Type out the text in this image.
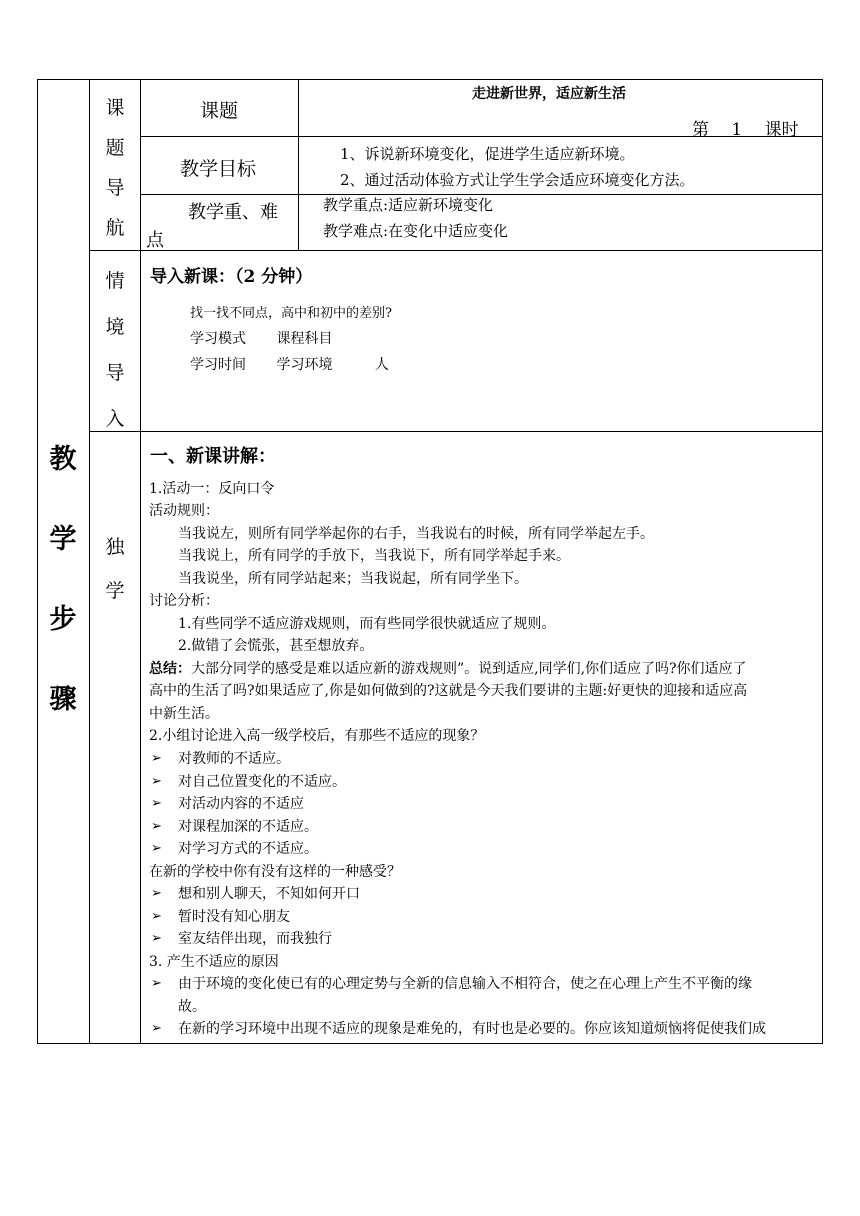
教
学
步
骤
课
题
导
航
情
境
导
入
独
学
课题
走进新世界，适应新生活
第 1 课时
教学目标
1、诉说新环境变化，促进学生适应新环境。
2、通过活动体验方式让学生学会适应环境变化方法。
教学重、难
点
教学重点:适应新环境变化
教学难点:在变化中适应变化
导入新课：（2 分钟）
找一找不同点，高中和初中的差别?
学习模式 课程科目
学习时间 学习环境	人
一、新课讲解：
1.活动一：反向口令
活动规则：
当我说左，则所有同学举起你的右手，当我说右的时候，所有同学举起左手。
当我说上，所有同学的手放下，当我说下，所有同学举起手来。
当我说坐，所有同学站起来；当我说起，所有同学坐下。
讨论分析：
1.有些同学不适应游戏规则，而有些同学很快就适应了规则。
2.做错了会慌张，甚至想放弃。
总结：大部分同学的感受是难以适应新的游戏规则”。说到适应,同学们,你们适应了吗?你们适应了
高中的生活了吗?如果适应了,你是如何做到的?这就是今天我们要讲的主题:好更快的迎接和适应高
中新生活。
2.小组讨论进入高一级学校后，有那些不适应的现象？
➢ 对教师的不适应。
➢ 对自己位置变化的不适应。
➢ 对活动内容的不适应
➢ 对课程加深的不适应。
➢ 对学习方式的不适应。
在新的学校中你有没有这样的一种感受？
➢ 想和别人聊天，不知如何开口
➢ 暂时没有知心朋友
➢ 室友结伴出现，而我独行
3. 产生不适应的原因
➢ 由于环境的变化使已有的心理定势与全新的信息输入不相符合，使之在心理上产生不平衡的缘
故。
➢ 在新的学习环境中出现不适应的现象是难免的，有时也是必要的。你应该知道烦恼将促使我们成
